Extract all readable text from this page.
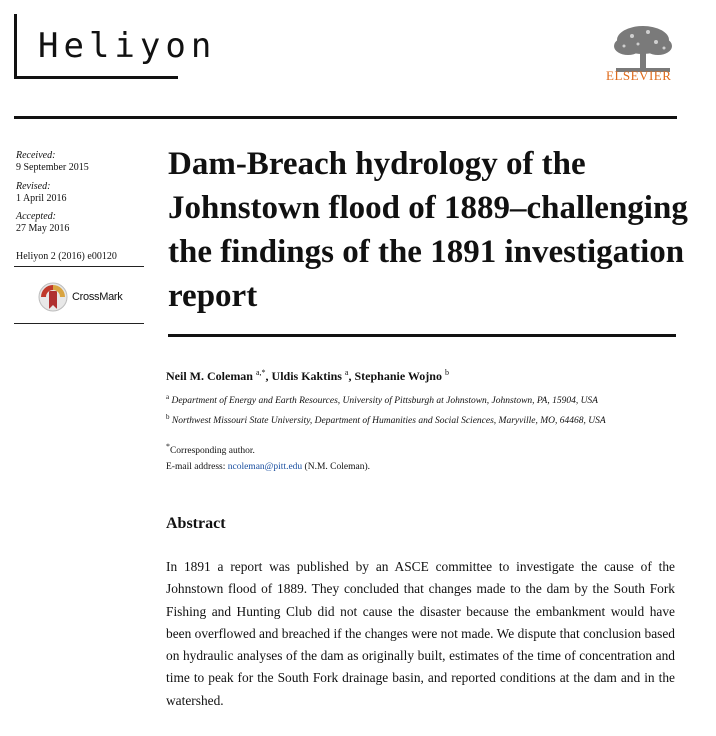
Heliyon
ELSEVIER
Received:
9 September 2015
Revised:
1 April 2016
Accepted:
27 May 2016
Heliyon 2 (2016) e00120
CrossMark
Dam-Breach hydrology of the Johnstown flood of 1889–challenging the findings of the 1891 investigation report
Neil M. Coleman $^{a,*}$, Uldis Kaktins $^a$, Stephanie Wojno $^b$
$^a$ Department of Energy and Earth Resources, University of Pittsburgh at Johnstown, Johnstown, PA, 15904, USA
$^b$ Northwest Missouri State University, Department of Humanities and Social Sciences, Maryville, MO, 64468, USA
*Corresponding author.
E-mail address: ncoleman@pitt.edu (N.M. Coleman).
Abstract
In 1891 a report was published by an ASCE committee to investigate the cause of the Johnstown flood of 1889. They concluded that changes made to the dam by the South Fork Fishing and Hunting Club did not cause the disaster because the embankment would have been overflowed and breached if the changes were not made. We dispute that conclusion based on hydraulic analyses of the dam as originally built, estimates of the time of concentration and time to peak for the South Fork drainage basin, and reported conditions at the dam and in the watershed.
